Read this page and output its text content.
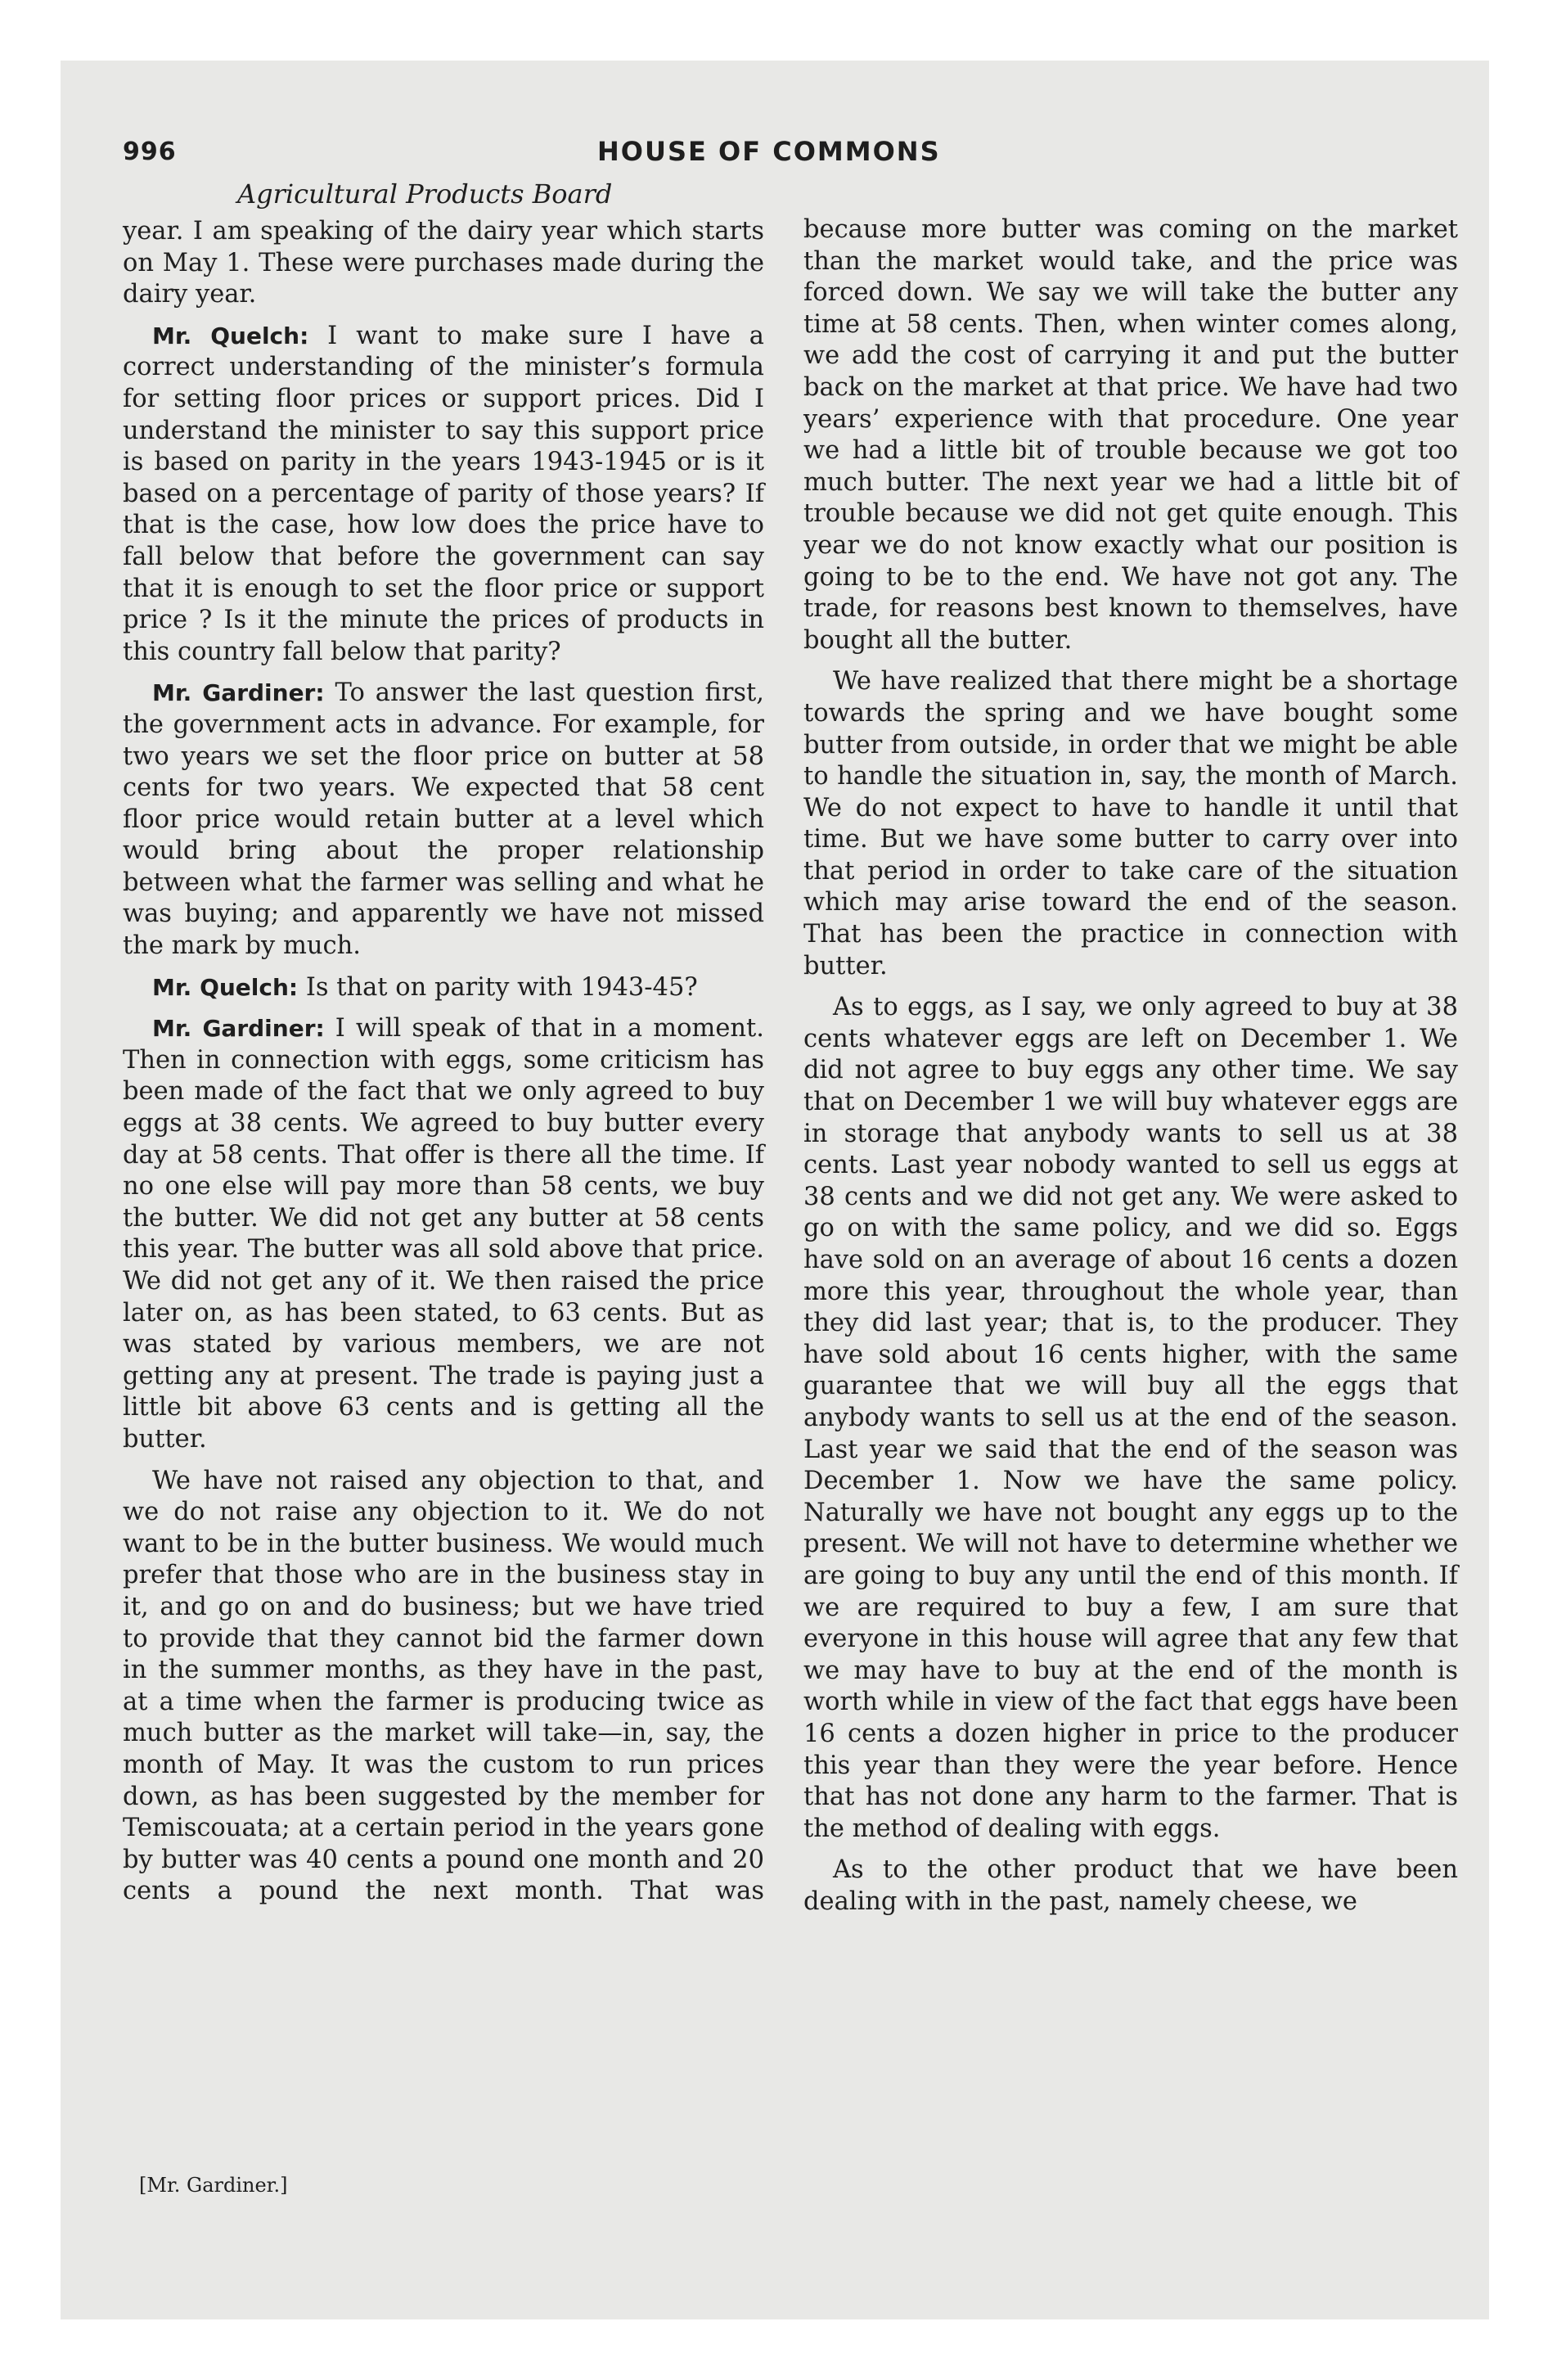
996	HOUSE OF COMMONS
Agricultural Products Board

year. I am speaking of the dairy year which starts on May 1. These were purchases made during the dairy year.

Mr. Quelch: I want to make sure I have a correct understanding of the minister’s formula for setting floor prices or support prices. Did I understand the minister to say this support price is based on parity in the years 1943-1945 or is it based on a percentage of parity of those years? If that is the case, how low does the price have to fall below that before the government can say that it is enough to set the floor price or support price ? Is it the minute the prices of products in this country fall below that parity?

Mr. Gardiner: To answer the last question first, the government acts in advance. For example, for two years we set the floor price on butter at 58 cents for two years. We expected that 58 cent floor price would retain butter at a level which would bring about the proper relationship between what the farmer was selling and what he was buying; and apparently we have not missed the mark by much.

Mr. Quelch: Is that on parity with 1943-45?

Mr. Gardiner: I will speak of that in a moment. Then in connection with eggs, some criticism has been made of the fact that we only agreed to buy eggs at 38 cents. We agreed to buy butter every day at 58 cents. That offer is there all the time. If no one else will pay more than 58 cents, we buy the butter. We did not get any butter at 58 cents this year. The butter was all sold above that price. We did not get any of it. We then raised the price later on, as has been stated, to 63 cents. But as was stated by various members, we are not getting any at present. The trade is paying just a little bit above 63 cents and is getting all the butter.

We have not raised any objection to that, and we do not raise any objection to it. We do not want to be in the butter business. We would much prefer that those who are in the business stay in it, and go on and do business; but we have tried to provide that they cannot bid the farmer down in the summer months, as they have in the past, at a time when the farmer is producing twice as much butter as the market will take—in, say, the month of May. It was the custom to run prices down, as has been suggested by the member for Temiscouata; at a certain period in the years gone by butter was 40 cents a pound one month and 20 cents a pound the next month. That was

because more butter was coming on the market than the market would take, and the price was forced down. We say we will take the butter any time at 58 cents. Then, when winter comes along, we add the cost of carrying it and put the butter back on the market at that price. We have had two years’ experience with that procedure. One year we had a little bit of trouble because we got too much butter. The next year we had a little bit of trouble because we did not get quite enough. This year we do not know exactly what our position is going to be to the end. We have not got any. The trade, for reasons best known to themselves, have bought all the butter.

We have realized that there might be a shortage towards the spring and we have bought some butter from outside, in order that we might be able to handle the situation in, say, the month of March. We do not expect to have to handle it until that time. But we have some butter to carry over into that period in order to take care of the situation which may arise toward the end of the season. That has been the practice in connection with butter.

As to eggs, as I say, we only agreed to buy at 38 cents whatever eggs are left on December 1. We did not agree to buy eggs any other time. We say that on December 1 we will buy whatever eggs are in storage that anybody wants to sell us at 38 cents. Last year nobody wanted to sell us eggs at 38 cents and we did not get any. We were asked to go on with the same policy, and we did so. Eggs have sold on an average of about 16 cents a dozen more this year, throughout the whole year, than they did last year; that is, to the producer. They have sold about 16 cents higher, with the same guarantee that we will buy all the eggs that anybody wants to sell us at the end of the season. Last year we said that the end of the season was December 1. Now we have the same policy. Naturally we have not bought any eggs up to the present. We will not have to determine whether we are going to buy any until the end of this month. If we are required to buy a few, I am sure that everyone in this house will agree that any few that we may have to buy at the end of the month is worth while in view of the fact that eggs have been 16 cents a dozen higher in price to the producer this year than they were the year before. Hence that has not done any harm to the farmer. That is the method of dealing with eggs.

As to the other product that we have been dealing with in the past, namely cheese, we

[Mr. Gardiner.]
